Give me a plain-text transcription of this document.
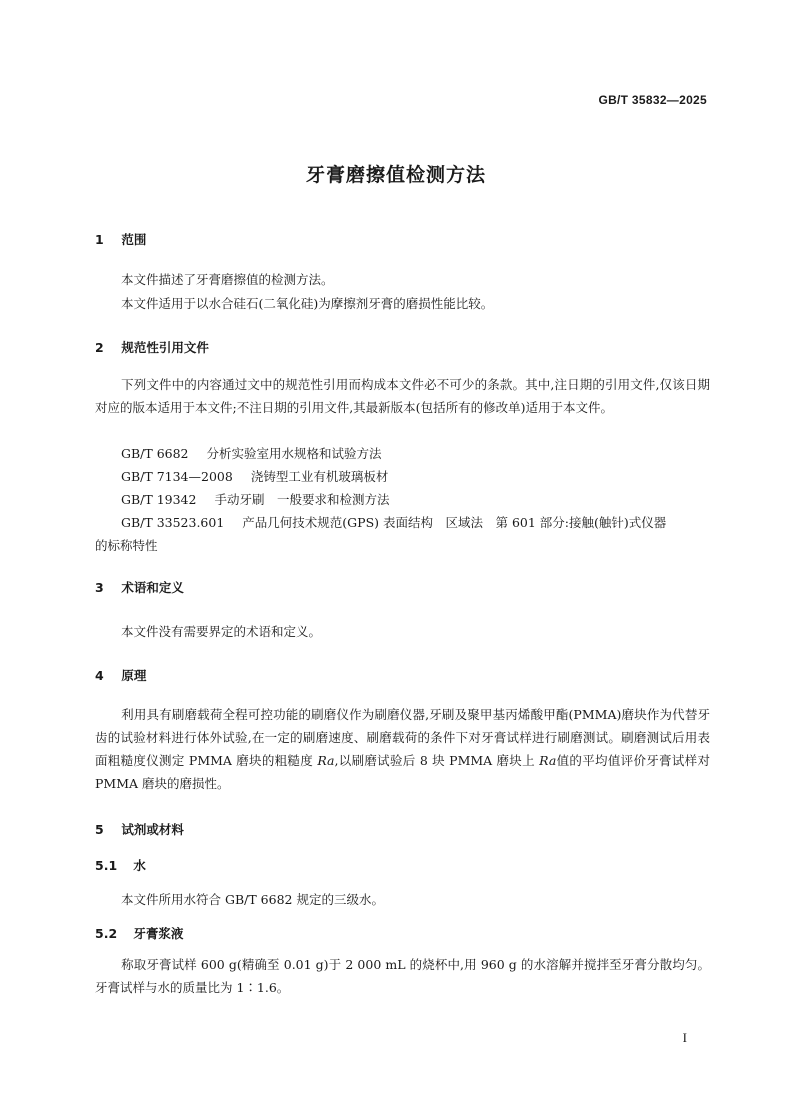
GB/T 35832—2025
牙膏磨擦值检测方法
1 范围
本文件描述了牙膏磨擦值的检测方法。
本文件适用于以水合硅石(二氧化硅)为摩擦剂牙膏的磨损性能比较。
2 规范性引用文件
下列文件中的内容通过文中的规范性引用而构成本文件必不可少的条款。其中,注日期的引用文件,仅该日期对应的版本适用于本文件;不注日期的引用文件,其最新版本(包括所有的修改单)适用于本文件。
GB/T 6682 分析实验室用水规格和试验方法
GB/T 7134—2008 浇铸型工业有机玻璃板材
GB/T 19342 手动牙刷　一般要求和检测方法
GB/T 33523.601 产品几何技术规范(GPS) 表面结构　区域法　第 601 部分:接触(触针)式仪器
的标称特性
3 术语和定义
本文件没有需要界定的术语和定义。
4 原理
利用具有刷磨载荷全程可控功能的刷磨仪作为刷磨仪器,牙刷及聚甲基丙烯酸甲酯(PMMA)磨块作为代替牙齿的试验材料进行体外试验,在一定的刷磨速度、刷磨载荷的条件下对牙膏试样进行刷磨测试。刷磨测试后用表面粗糙度仪测定 PMMA 磨块的粗糙度 Ra,以刷磨试验后 8 块 PMMA 磨块上 Ra值的平均值评价牙膏试样对 PMMA 磨块的磨损性。
5 试剂或材料
5.1 水
本文件所用水符合 GB/T 6682 规定的三级水。
5.2 牙膏浆液
称取牙膏试样 600 g(精确至 0.01 g)于 2 000 mL 的烧杯中,用 960 g 的水溶解并搅拌至牙膏分散均匀。牙膏试样与水的质量比为 1∶1.6。
I
